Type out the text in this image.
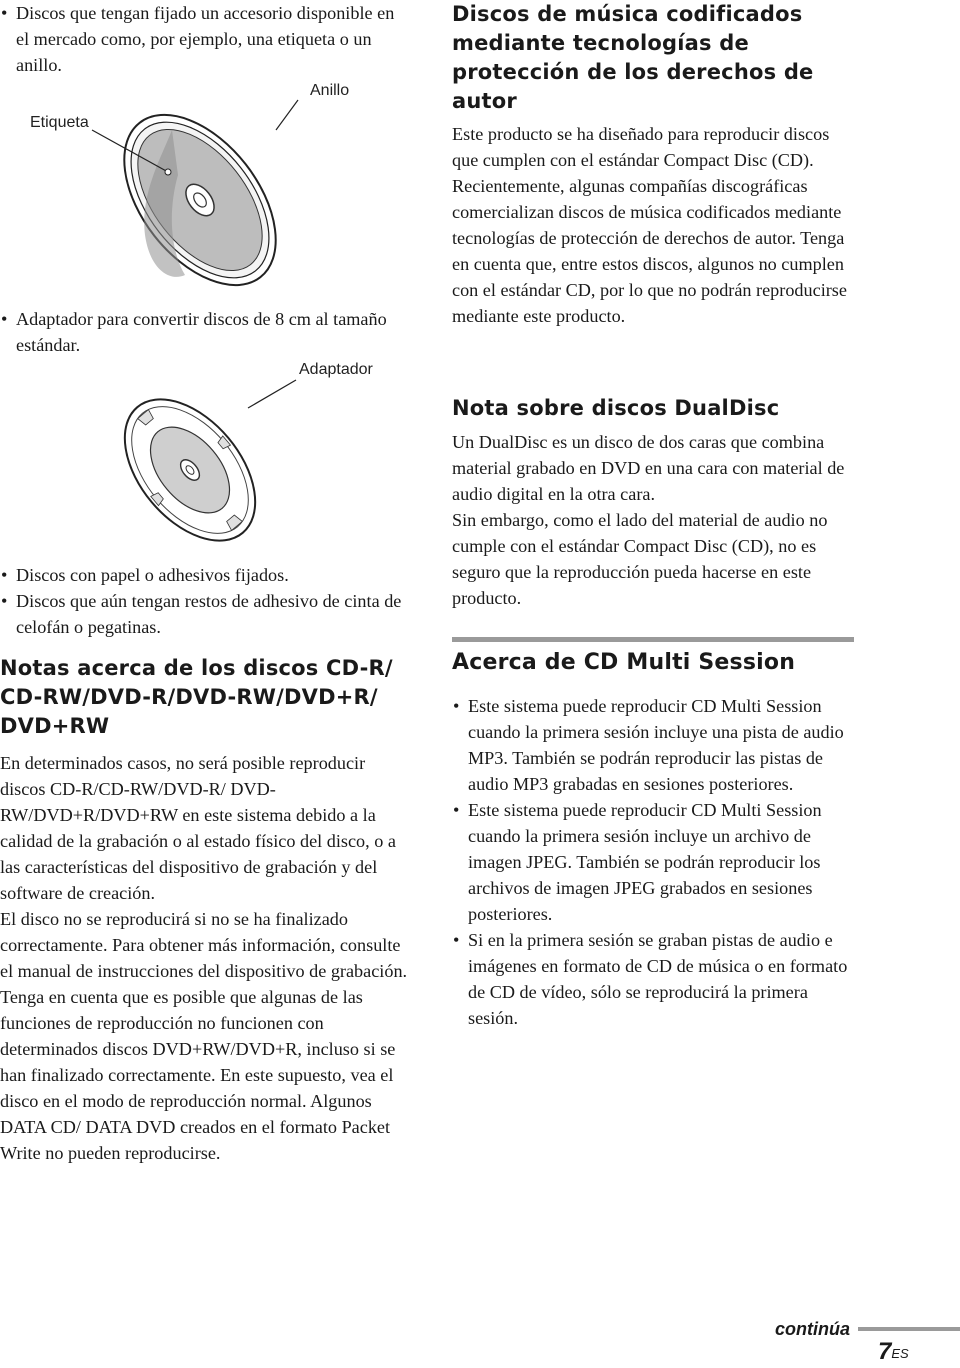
• Discos que tengan fijado un accesorio disponible en el mercado como, por ejemplo, una etiqueta o un anillo.

Etiqueta
Anillo

• Adaptador para convertir discos de 8 cm al tamaño estándar.

Adaptador

• Discos con papel o adhesivos fijados.

• Discos que aún tengan restos de adhesivo de cinta de celofán o pegatinas.

Notas acerca de los discos CD-R/ CD-RW/DVD-R/DVD-RW/DVD+R/ DVD+RW

En determinados casos, no será posible reproducir discos CD-R/CD-RW/DVD-R/ DVD-RW/DVD+R/DVD+RW en este sistema debido a la calidad de la grabación o al estado físico del disco, o a las características del dispositivo de grabación y del software de creación.

El disco no se reproducirá si no se ha finalizado correctamente. Para obtener más información, consulte el manual de instrucciones del dispositivo de grabación.

Tenga en cuenta que es posible que algunas de las funciones de reproducción no funcionen con determinados discos DVD+RW/DVD+R, incluso si se han finalizado correctamente. En este supuesto, vea el disco en el modo de reproducción normal. Algunos DATA CD/ DATA DVD creados en el formato Packet Write no pueden reproducirse.

Discos de música codificados mediante tecnologías de protección de los derechos de autor

Este producto se ha diseñado para reproducir discos que cumplen con el estándar Compact Disc (CD).

Recientemente, algunas compañías discográficas comercializan discos de música codificados mediante tecnologías de protección de derechos de autor. Tenga en cuenta que, entre estos discos, algunos no cumplen con el estándar CD, por lo que no podrán reproducirse mediante este producto.

Nota sobre discos DualDisc

Un DualDisc es un disco de dos caras que combina material grabado en DVD en una cara con material de audio digital en la otra cara.

Sin embargo, como el lado del material de audio no cumple con el estándar Compact Disc (CD), no es seguro que la reproducción pueda hacerse en este producto.

Acerca de CD Multi Session

• Este sistema puede reproducir CD Multi Session cuando la primera sesión incluye una pista de audio MP3. También se podrán reproducir las pistas de audio MP3 grabadas en sesiones posteriores.

• Este sistema puede reproducir CD Multi Session cuando la primera sesión incluye un archivo de imagen JPEG. También se podrán reproducir los archivos de imagen JPEG grabados en sesiones posteriores.

• Si en la primera sesión se graban pistas de audio e imágenes en formato de CD de música o en formato de CD de vídeo, sólo se reproducirá la primera sesión.

continúa
$7^{ES}$
